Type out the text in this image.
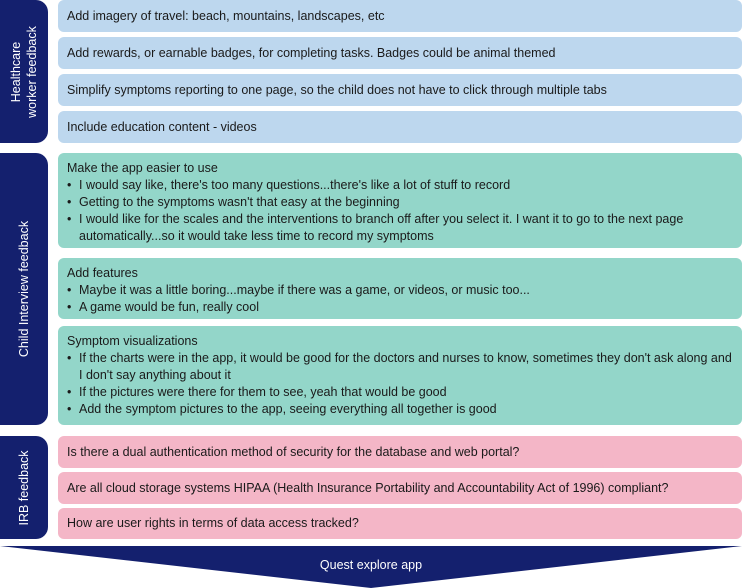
Healthcare worker feedback
Add imagery of travel: beach, mountains, landscapes, etc
Add rewards, or earnable badges, for completing tasks. Badges could be animal themed
Simplify symptoms reporting to one page, so the child does not have to click through multiple tabs
Include education content - videos
Child Interview feedback
Make the app easier to use
• I would say like, there's too many questions...there's like a lot of stuff to record
• Getting to the symptoms wasn't that easy at the beginning
• I would like for the scales and the interventions to branch off after you select it. I want it to go to the next page automatically...so it would take less time to record my symptoms
Add features
• Maybe it was a little boring...maybe if there was a game, or videos, or music too...
• A game would be fun, really cool
Symptom visualizations
• If the charts were in the app, it would be good for the doctors and nurses to know, sometimes they don't ask along and I don't say anything about it
• If the pictures were there for them to see, yeah that would be good
• Add the symptom pictures to the app, seeing everything all together is good
IRB feedback	Is there a dual authentication method of security for the database and web portal?
Are all cloud storage systems HIPAA (Health Insurance Portability and Accountability Act of 1996) compliant?
How are user rights in terms of data access tracked?
Quest explore app
